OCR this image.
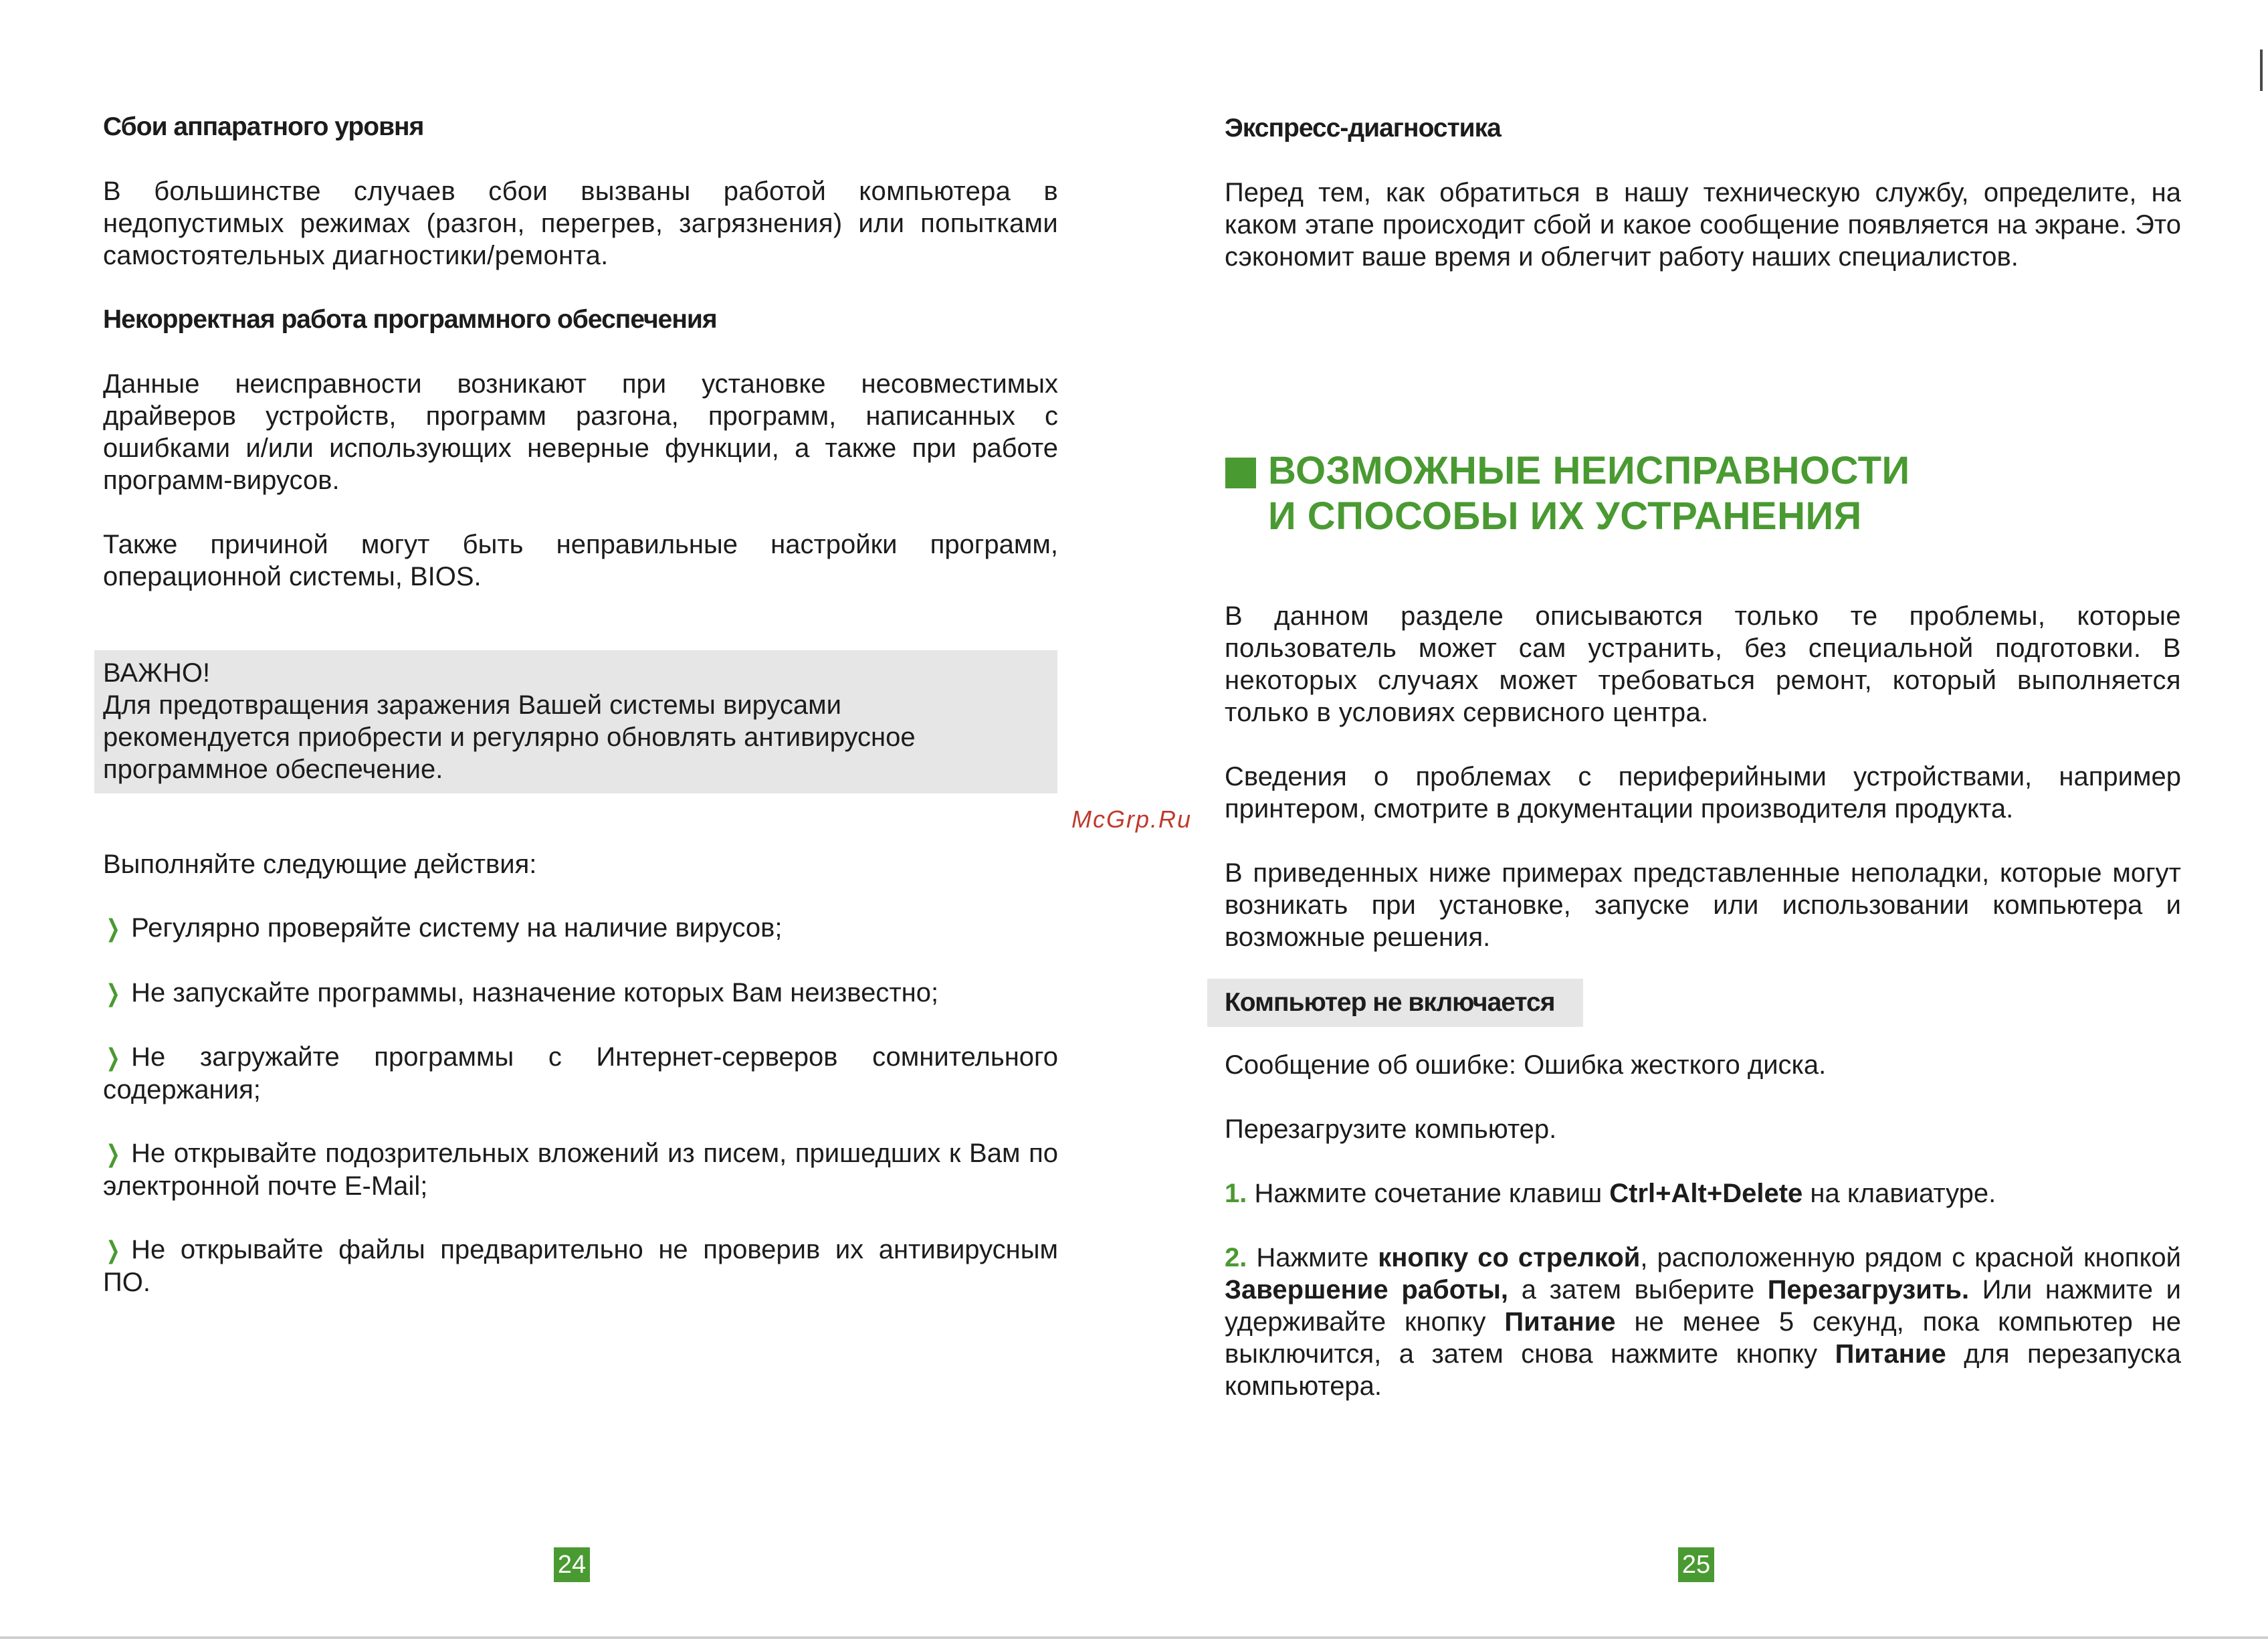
Сбои аппаратного уровня

В большинстве случаев сбои вызваны работой компьютера в недопустимых режимах (разгон, перегрев, загрязнения) или попытками самостоятельных диагностики/ремонта.

Некорректная работа программного обеспечения

Данные неисправности возникают при установке несовместимых драйверов устройств, программ разгона, программ, написанных с ошибками и/или использующих неверные функции, а также при работе программ-вирусов.

Также причиной могут быть неправильные настройки программ, операционной системы, BIOS.

ВАЖНО!
Для предотвращения заражения Вашей системы вирусами
рекомендуется приобрести и регулярно обновлять антивирусное
программное обеспечение.

Выполняйте следующие действия:

❯ Регулярно проверяйте систему на наличие вирусов;
❯ Не запускайте программы, назначение которых Вам неизвестно;
❯ Не загружайте программы с Интернет-серверов сомнительного содержания;
❯ Не открывайте подозрительных вложений из писем, пришедших к Вам по электронной почте E-Mail;
❯ Не открывайте файлы предварительно не проверив их антивирусным ПО.
24
McGrp.Ru

Экспресс-диагностика

Перед тем, как обратиться в нашу техническую службу, определите, на каком этапе происходит сбой и какое сообщение появляется на экране. Это сэкономит ваше время и облегчит работу наших специалистов.

ВОЗМОЖНЫЕ НЕИСПРАВНОСТИ
И СПОСОБЫ ИХ УСТРАНЕНИЯ

В данном разделе описываются только те проблемы, которые пользователь может сам устранить, без специальной подготовки. В некоторых случаях может требоваться ремонт, который выполняется только в условиях сервисного центра.

Сведения о проблемах с периферийными устройствами, например принтером, смотрите в документации производителя продукта.

В приведенных ниже примерах представленные неполадки, которые могут возникать при установке, запуске или использовании компьютера и возможные решения.

Компьютер не включается

Сообщение об ошибке: Ошибка жесткого диска.

Перезагрузите компьютер.

1. Нажмите сочетание клавиш Ctrl+Alt+Delete на клавиатуре.

2. Нажмите кнопку со стрелкой, расположенную рядом с красной кнопкой Завершение работы, а затем выберите Перезагрузить. Или нажмите и удерживайте кнопку Питание не менее 5 секунд, пока компьютер не выключится, а затем снова нажмите кнопку Питание для перезапуска компьютера.

25
